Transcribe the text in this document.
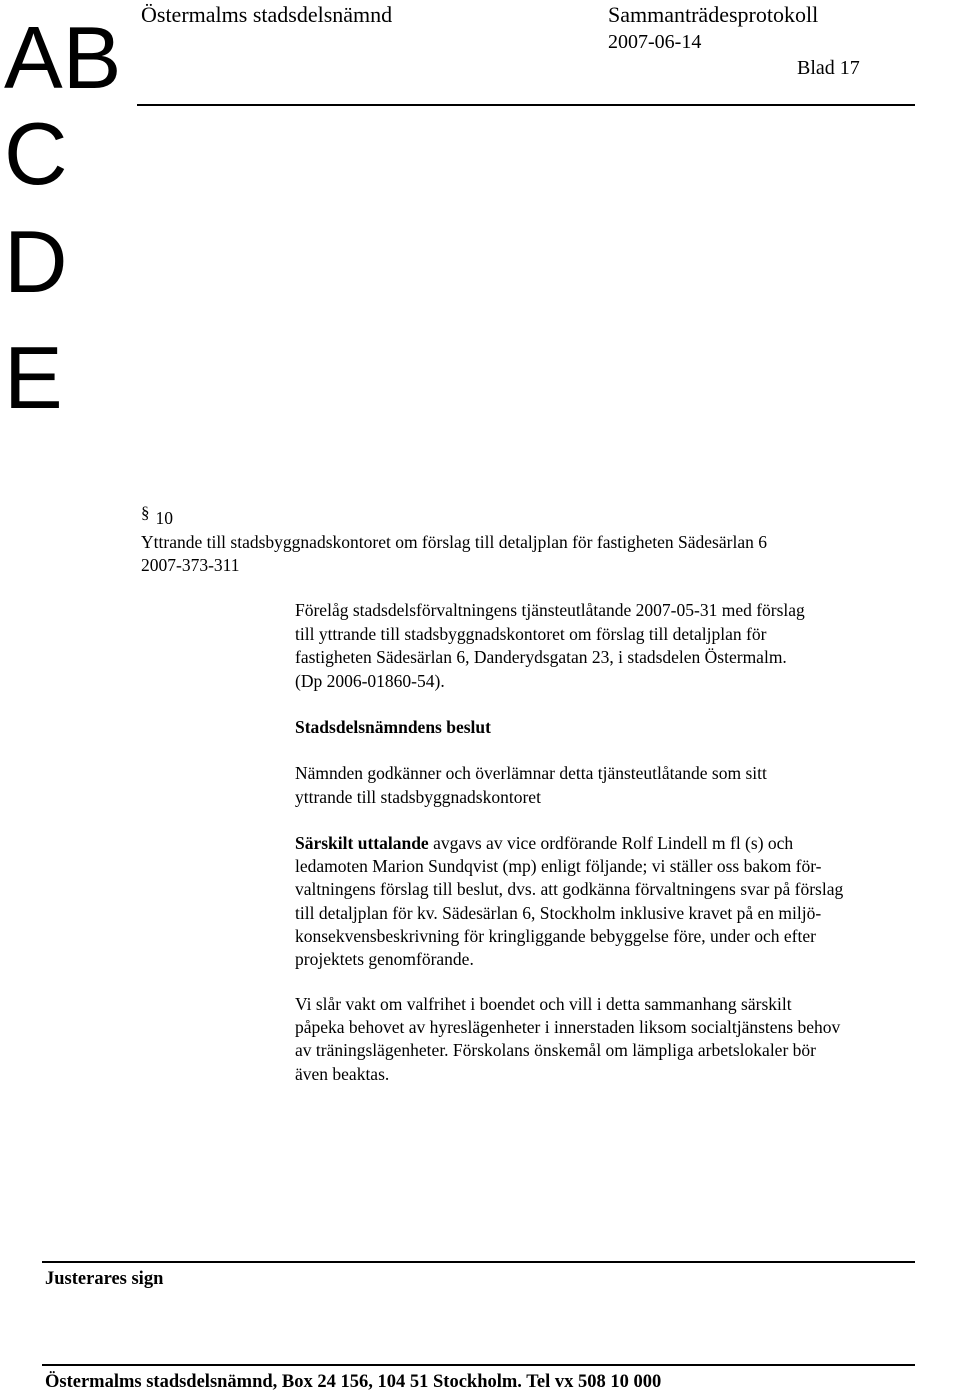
AB
C
D
E
Östermalms stadsdelsnämnd	Sammanträdesprotokoll
2007-06-14
Blad 17
§ 10
Yttrande till stadsbyggnadskontoret om förslag till detaljplan för fastigheten Sädesärlan 6
2007-373-311
Förelåg stadsdelsförvaltningens tjänsteutlåtande 2007-05-31 med förslag
till yttrande till stadsbyggnadskontoret om förslag till detaljplan för
fastigheten Sädesärlan 6, Danderydsgatan 23, i stadsdelen Östermalm.
(Dp 2006-01860-54).
Stadsdelsnämndens beslut
Nämnden godkänner och överlämnar detta tjänsteutlåtande som sitt
yttrande till stadsbyggnadskontoret
Särskilt uttalande avgavs av vice ordförande Rolf Lindell m fl (s) och
ledamoten Marion Sundqvist (mp) enligt följande; vi ställer oss bakom för-
valtningens förslag till beslut, dvs. att godkänna förvaltningens svar på förslag
till detaljplan för kv. Sädesärlan 6, Stockholm inklusive kravet på en miljö-
konsekvensbeskrivning för kringliggande bebyggelse före, under och efter
projektets genomförande.
Vi slår vakt om valfrihet i boendet och vill i detta sammanhang särskilt
påpeka behovet av hyreslägenheter i innerstaden liksom socialtjänstens behov
av träningslägenheter. Förskolans önskemål om lämpliga arbetslokaler bör
även beaktas.
Justerares sign
Östermalms stadsdelsnämnd, Box 24 156, 104 51 Stockholm. Tel vx 508 10 000
